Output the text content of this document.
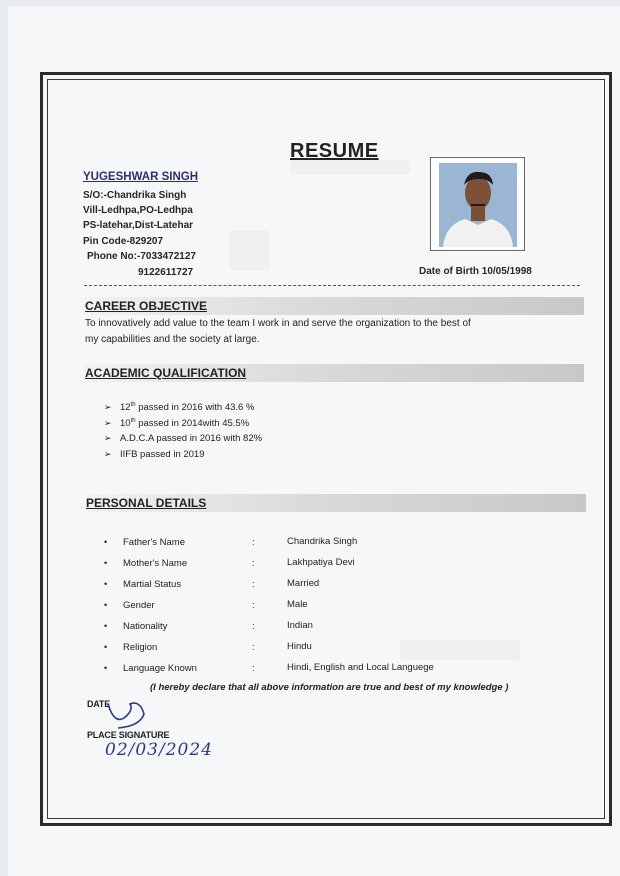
RESUME
YUGESHWAR SINGH
S/O:-Chandrika Singh
Vill-Ledhpa,PO-Ledhpa
PS-latehar,Dist-Latehar
Pin Code-829207
Phone No:-7033472127
9122611727	Date of Birth 10/05/1998
CAREER OBJECTIVE
To innovatively add value to the team I work in and serve the organization to the best of
my capabilities and the society at large.
ACADEMIC QUALIFICATION
➢ 12th passed in 2016 with 43.6 %
➢ 10th passed in 2014with 45.5%
➢ A.D.C.A passed in 2016 with 82%
➢ IIFB passed in 2019
PERSONAL DETAILS
• Father's Name	:	Chandrika Singh
• Mother's Name	:	Lakhpatiya Devi
• Martial Status	:	Married
• Gender	:	Male
• Nationality	:	Indian
• Religion	:	Hindu
• Language Known	:	Hindi, English and Local Languege
(I hereby declare that all above information are true and best of my knowledge )
DATE
PLACE SIGNATURE
02/03/2024
